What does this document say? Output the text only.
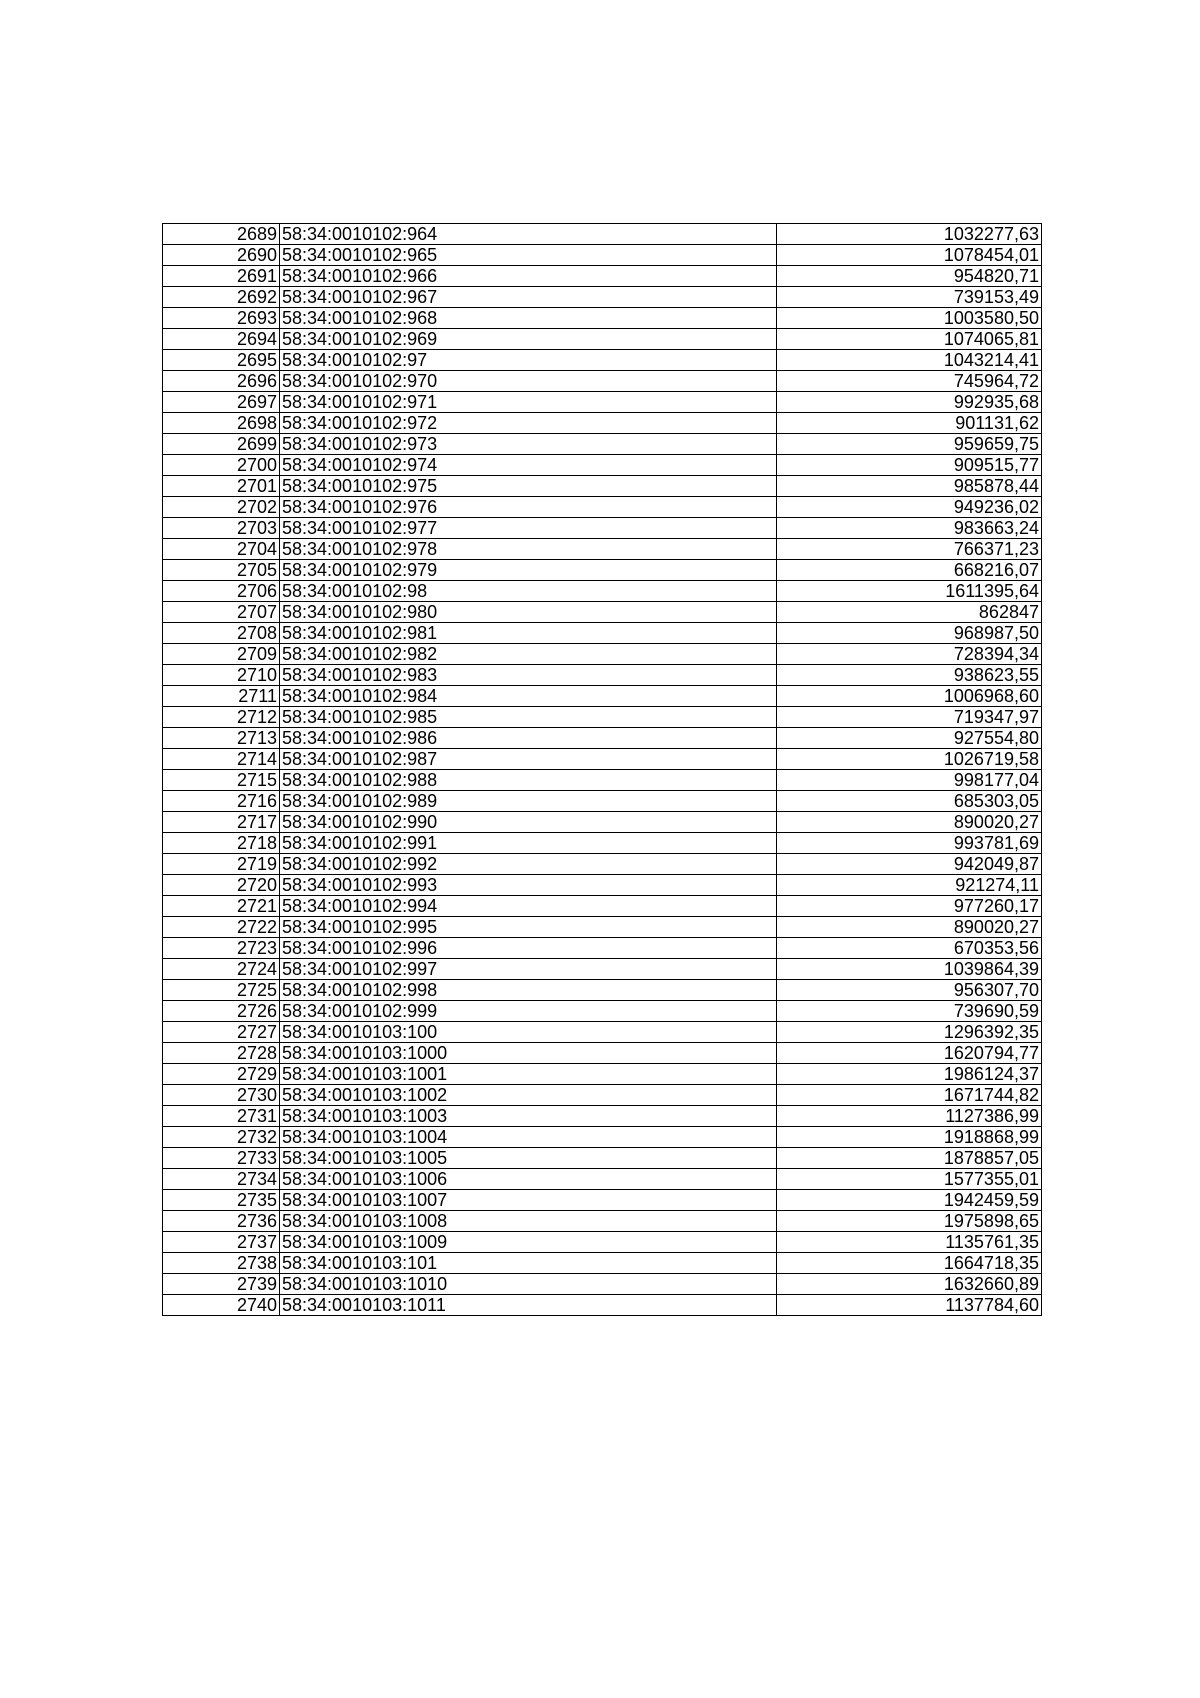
2689	58:34:0010102:964	1032277,63
2690	58:34:0010102:965	1078454,01
2691	58:34:0010102:966	954820,71
2692	58:34:0010102:967	739153,49
2693	58:34:0010102:968	1003580,50
2694	58:34:0010102:969	1074065,81
2695	58:34:0010102:97	1043214,41
2696	58:34:0010102:970	745964,72
2697	58:34:0010102:971	992935,68
2698	58:34:0010102:972	901131,62
2699	58:34:0010102:973	959659,75
2700	58:34:0010102:974	909515,77
2701	58:34:0010102:975	985878,44
2702	58:34:0010102:976	949236,02
2703	58:34:0010102:977	983663,24
2704	58:34:0010102:978	766371,23
2705	58:34:0010102:979	668216,07
2706	58:34:0010102:98	1611395,64
2707	58:34:0010102:980	862847
2708	58:34:0010102:981	968987,50
2709	58:34:0010102:982	728394,34
2710	58:34:0010102:983	938623,55
2711	58:34:0010102:984	1006968,60
2712	58:34:0010102:985	719347,97
2713	58:34:0010102:986	927554,80
2714	58:34:0010102:987	1026719,58
2715	58:34:0010102:988	998177,04
2716	58:34:0010102:989	685303,05
2717	58:34:0010102:990	890020,27
2718	58:34:0010102:991	993781,69
2719	58:34:0010102:992	942049,87
2720	58:34:0010102:993	921274,11
2721	58:34:0010102:994	977260,17
2722	58:34:0010102:995	890020,27
2723	58:34:0010102:996	670353,56
2724	58:34:0010102:997	1039864,39
2725	58:34:0010102:998	956307,70
2726	58:34:0010102:999	739690,59
2727	58:34:0010103:100	1296392,35
2728	58:34:0010103:1000	1620794,77
2729	58:34:0010103:1001	1986124,37
2730	58:34:0010103:1002	1671744,82
2731	58:34:0010103:1003	1127386,99
2732	58:34:0010103:1004	1918868,99
2733	58:34:0010103:1005	1878857,05
2734	58:34:0010103:1006	1577355,01
2735	58:34:0010103:1007	1942459,59
2736	58:34:0010103:1008	1975898,65
2737	58:34:0010103:1009	1135761,35
2738	58:34:0010103:101	1664718,35
2739	58:34:0010103:1010	1632660,89
2740	58:34:0010103:1011	1137784,60
